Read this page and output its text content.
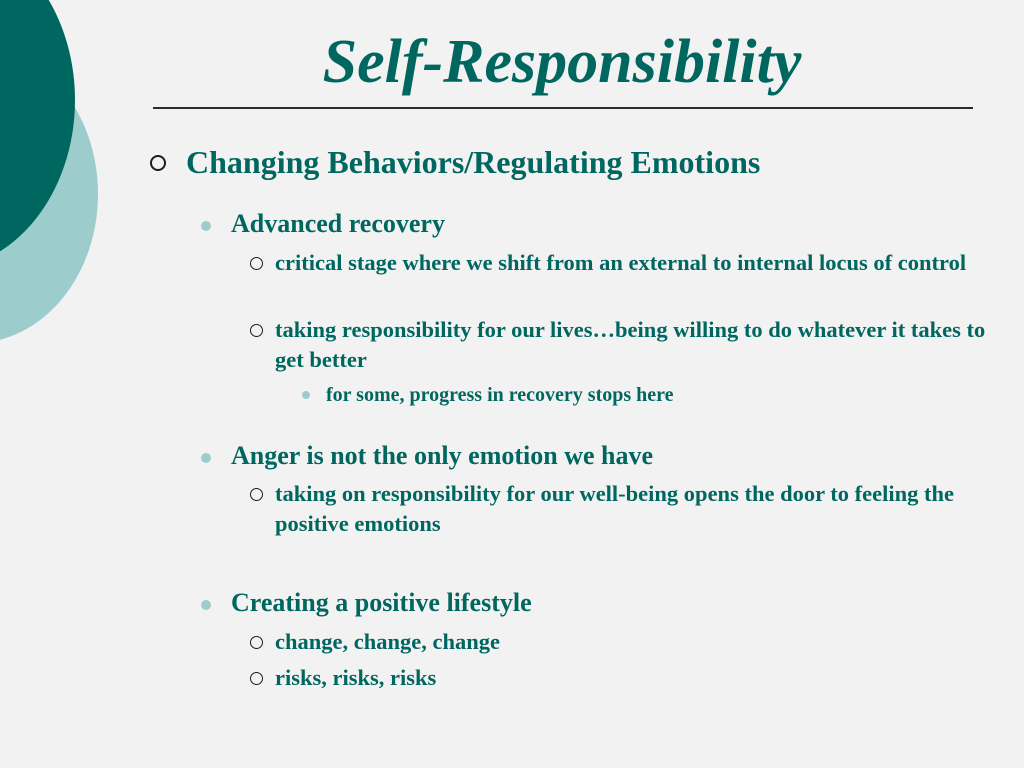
Self-Responsibility

Changing Behaviors/Regulating Emotions

Advanced recovery

critical stage where we shift from an external to internal locus of control

taking responsibility for our lives…being willing to do whatever it takes to get better

for some, progress in recovery stops here

Anger is not the only emotion we have

taking on responsibility for our well-being opens the door to feeling the positive emotions

Creating a positive lifestyle

change, change, change

risks, risks, risks
